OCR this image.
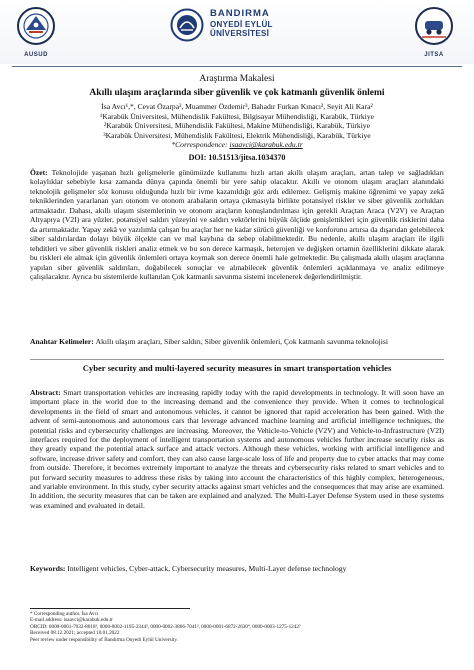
AUSUD
BANDIRMA
ONYEDİ EYLÜL
ÜNİVERSİTESİ
JITSA
Araştırma Makalesi
Akıllı ulaşım araçlarında siber güvenlik ve çok katmanlı güvenlik önlemi
İsa Avcı¹,*, Cevat Özarpa², Muammer Özdemir³, Bahadır Furkan Kınacı³, Seyit Ali Kara²
¹Karabük Üniversitesi, Mühendislik Fakültesi, Bilgisayar Mühendisliği, Karabük, Türkiye
²Karabük Üniversitesi, Mühendislik Fakültesi, Makine Mühendisliği, Karabük, Türkiye
³Karabük Üniversitesi, Mühendislik Fakültesi, Elektrik Mühendisliği, Karabük, Türkiye
*Correspondence: isaavci@karabuk.edu.tr
DOI: 10.51513/jitsa.1034370
Özet: Teknolojide yaşanan hızlı gelişmelerle günümüzde kullanımı hızlı artan akıllı ulaşım araçları, artan talep ve sağladıkları kolaylıklar sebebiyle kısa zamanda dünya çapında önemli bir yere sahip olacaktır. Akıllı ve otonom ulaşım araçları alanındaki teknolojik gelişmeler söz konusu olduğunda hızlı bir ivme kazanıldığı göz ardı edilemez. Gelişmiş makine öğrenimi ve yapay zekâ tekniklerinden yararlanan yarı otonom ve otonom arabaların ortaya çıkmasıyla birlikte potansiyel riskler ve siber güvenlik zorlukları artmaktadır. Dahası, akıllı ulaşım sistemlerinin ve otonom araçların konuşlandırılması için gerekli Araçtan Araca (V2V) ve Araçtan Altyapıya (V2I) ara yüzler, potansiyel saldırı yüzeyini ve saldırı vektörlerini büyük ölçüde genişlettikleri için güvenlik risklerini daha da artırmaktadır. Yapay zekâ ve yazılımla çalışan bu araçlar her ne kadar sürücü güvenliği ve konforunu artırsa da dışarıdan gelebilecek siber saldırılardan dolayı büyük ölçekte can ve mal kaybına da sebep olabilmektedir. Bu nedenle, akıllı ulaşım araçları ile ilgili tehditleri ve siber güvenlik riskleri analiz etmek ve bu son derece karmaşık, heterojen ve değişken ortamın özelliklerini dikkate alarak bu riskleri ele almak için güvenlik önlemleri ortaya koymak son derece önemli hale gelmektedir. Bu çalışmada akıllı ulaşım araçlarına yapılan siber güvenlik saldırıları, doğabilecek sonuçlar ve alınabilecek güvenlik önlemleri açıklanmaya ve analiz edilmeye çalışılacaktır. Ayrıca bu sistemlerde kullanılan Çok katmanlı savunma sistemi incelenerek değerlendirilmiştir.
Anahtar Kelimeler: Akıllı ulaşım araçları, Siber saldırı, Siber güvenlik önlemleri, Çok katmanlı savunma teknolojisi
Cyber security and multi-layered security measures in smart transportation vehicles
Abstract: Smart transportation vehicles are increasing rapidly today with the rapid developments in technology. It will soon have an important place in the world due to the increasing demand and the convenience they provide. When it comes to technological developments in the field of smart and autonomous vehicles, it cannot be ignored that rapid acceleration has been gained. With the advent of semi-autonomous and autonomous cars that leverage advanced machine learning and artificial intelligence techniques, the potential risks and cybersecurity challenges are increasing. Moreover, the Vehicle-to-Vehicle (V2V) and Vehicle-to-Infrastructure (V2I) interfaces required for the deployment of intelligent transportation systems and autonomous vehicles further increase security risks as they greatly expand the potential attack surface and attack vectors. Although these vehicles, working with artificial intelligence and software, increase driver safety and comfort, they can also cause large-scale loss of life and property due to cyber attacks that may come from outside. Therefore, it becomes extremely important to analyze the threats and cybersecurity risks related to smart vehicles and to put forward security measures to address these risks by taking into account the characteristics of this highly complex, heterogeneous, and variable environment. In this study, cyber security attacks against smart vehicles and the consequences that may arise are examined. In addition, the security measures that can be taken are explained and analyzed. The Multi-Layer Defense System used in these systems was examined and evaluated in detail.
Keywords: Intelligent vehicles, Cyber-attack, Cybersecurity measures, Multi-Layer defense technology
* Corresponding author. İsa Avcı
E-mail address: isaavci@karabuk.edu.tr
ORCID: 0000-0001-7032-8018¹, 0000-0002-1195-2344², 0000-0002-3866-7041³, 0000-0001-6872-2630⁴, 0000-0003-1275-1242⁵
Received 08.12.2021; accepted 10.01.2022
Peer review under responsibility of Bandırma Onyedi Eylül University.
